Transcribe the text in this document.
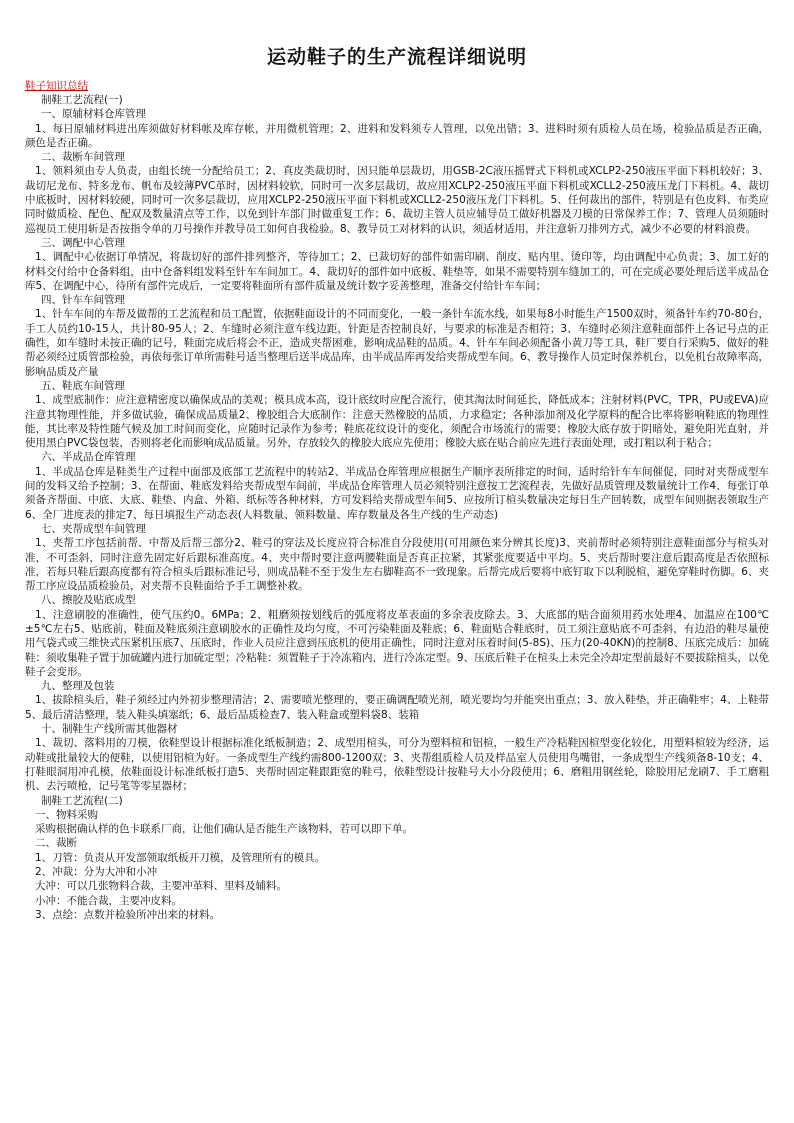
运动鞋子的生产流程详细说明
鞋子知识总结
制鞋工艺流程(一)
一、原辅材料仓库管理
1、每日原辅材料进出库须做好材料帐及库存帐，并用微机管理；2、进料和发料须专人管理，以免出错；3、进料时须有质检人员在场，检验品质是否正确，颜色是否正确。
二、裁断车间管理
1、领料须由专人负责，由组长统一分配给员工；2、真皮类裁切时，因只能单层裁切，用GSB-2C液压摇臂式下料机或XCLP2-250液压平面下料机较好；3、裁切尼龙布、特多龙布、帆布及较薄PVC革时，因材料较软，同时可一次多层裁切，故应用XCLP2-250液压平面下料机或XCLL2-250液压龙门下料机。4、裁切中底板时，因材料较硬，同时可一次多层裁切，应用XCLP2-250液压平面下料机或XCLL2-250液压龙门下料机。5、任何裁出的部件，特别是有色皮料、布类应同时做质检、配色、配双及数量清点等工作，以免到针车部门时做重复工作；6、裁切主管人员应辅导员工做好机器及刀模的日常保养工作；7、管理人员须随时巡视员工使用斩是否按指令单的刀号操作并教导员工如何自我检验。8、教导员工对材料的认识，须适材适用，并注意斩刀排列方式，减少不必要的材料浪费。
三、调配中心管理
1、调配中心依据订单情况，将裁切好的部件排列整齐，等待加工；2、已裁切好的部件如需印刷、削皮、贴内里、烫印等，均由调配中心负责；3、加工好的材料交付给中仓备料组，由中仓备料组发料至针车车间加工。4、裁切好的部件如中底板、鞋垫等，如果不需要特别车缝加工的，可在完成必要处理后送半成品仓库5、在调配中心，待所有部件完成后，一定要将鞋面所有部件质量及统计数字妥善整理，准备交付给针车车间；
四、针车车间管理
1、针车车间的车帮及做帮的工艺流程和员工配置，依据鞋面设计的不同而变化，一般一条针车流水线，如果每8小时能生产1500双时，须备针车约70-80台，手工人员约10-15人，共计80-95人；2、车缝时必须注意车线边距，针距是否控制良好，与要求的标准是否相符；3、车缝时必须注意鞋面部件上各记号点的正确性，如车缝时未按正确的记号，鞋面完成后将会不正，造成夹帮困难，影响成品鞋的品质。4、针车车间必须配备小黄刀等工具，鞋厂要自行采购5、做好的鞋帮必须经过质管部检验，再依每张订单所需鞋号适当整理后送半成品库，由半成品库再发给夹帮成型车间。6、教导操作人员定时保养机台，以免机台故障率高，影响品质及产量
五、鞋底车间管理
1、成型底制作：应注意精密度以确保成品的美观；模具成本高，设计底纹时应配合流行，使其淘汰时间延长，降低成本；注射材料(PVC，TPR，PU或EVA)应注意其物理性能，并多做试验，确保成品质量2、橡胶组合大底制作：注意天然橡胶的品质，力求稳定；各种添加剂及化学原料的配合比率将影响鞋底的物理性能，其比率及特性随气候及加工时间而变化，应随时记录作为参考；鞋底花纹设计的变化，须配合市场流行的需要；橡胶大底存放于阴暗处，避免阳光直射，并使用黑白PVC袋包装，否则将老化而影响成品质量。另外，存放较久的橡胶大底应先使用；橡胶大底在贴合前应先进行表面处理，或打粗以利于粘合；
六、半成品仓库管理
1、半成品仓库是鞋类生产过程中面部及底部工艺流程中的转站2、半成品仓库管理应根据生产顺序表所排定的时间，适时给针车车间催促，同时对夹帮成型车间的发料又给予控制；3、在帮面、鞋底发料给夹帮成型车间前，半成品仓库管理人员必须特别注意按工艺流程表，先做好品质管理及数量统计工作4、每张订单须备齐帮面、中底、大底、鞋垫、内盒、外箱、纸标等各种材料，方可发料给夹帮成型车间5、应按所订楦头数量决定每日生产回转数，成型车间则据表领取生产6、全厂进度表的排定7、每日填报生产动态表(人料数量、领料数量、库存数量及各生产线的生产动态)
七、夹帮成型车间管理
1、夹帮工序包括前帮、中帮及后帮三部分2、鞋弓的穿法及长度应符合标准自分段使用(可用颜色来分辨其长度)3、夹前帮时必须特别注意鞋面部分与楦头对准，不可歪斜，同时注意先固定好后跟标准高度。4、夹中帮时要注意两腰鞋面是否真正拉紧，其紧张度要适中平均。5、夹后帮时要注意后跟高度是否依照标准，若每只鞋后跟高度都有符合楦头后跟标准记号，则成品鞋不至于发生左右脚鞋高不一致现象。后帮完成后要将中底钉取下以利脱楦，避免穿鞋时伤脚。6、夹帮工序应设品质检验员，对夹帮不良鞋面给予手工调整补救。
八、擦胶及贴底成型
1、注意刷胶的准确性，使气压约0。6MPa；2、粗磨须按划线后的弧度将皮革表面的多余表皮除去。3、大底部的贴合面须用药水处理4、加温应在100℃±5℃左右5、贴底前，鞋面及鞋底须注意刷胶水的正确性及均匀度，不可污染鞋面及鞋底；6、鞋面贴合鞋底时，员工须注意贴底不可歪斜，有边沿的鞋尽量使用气袋式或三维快式压紧机压底7、压底时，作业人员应注意到压底机的使用正确性，同时注意对压着时间(5-8S)、压力(20-40KN)的控制8、压底完成后：加硫鞋：须收集鞋子置于加硫罐内进行加硫定型；冷粘鞋：须置鞋子于冷冻箱内，进行冷冻定型。9、压底后鞋子在楦头上未完全冷却定型前最好不要拔除楦头，以免鞋子会变形。
九、整理及包装
1、拔除楦头后，鞋子须经过内外初步整理清洁；2、需要喷光整理的，要正确调配喷光剂，喷光要均匀并能突出重点；3、放入鞋垫，并正确鞋牢；4、上鞋带5、最后清洁整理，装入鞋头填塞纸；6、最后品质检查7、装入鞋盒或塑料袋8、装箱
十、制鞋生产线所需其他器材
1、裁切、落料用的刀模，依鞋型设计根据标准化纸板制造；2、成型用楦头，可分为塑料楦和铝楦，一般生产冷粘鞋因楦型变化较化，用塑料楦较为经济，运动鞋或批量较大的便鞋，以使用铝楦为好。一条成型生产线约需800-1200双；3、夹帮组质检人员及样品室人员使用鸟嘴钳，一条成型生产线须备8-10支；4、打鞋眼洞用冲孔模，依鞋面设计标准纸板打造5、夹帮时固定鞋跟距宽的鞋弓，依鞋型设计按鞋号大小分段使用；6、磨粗用钢丝轮，除胶用尼龙刷7、手工磨粗机、去污喷枪，记号笔等零星器材；
制鞋工艺流程(二)
一、物料采购
采购根据确认样的色卡联系厂商，让他们确认是否能生产该物料，若可以即下单。
二、裁断
1、刀管：负责从开发部领取纸板开刀模，及管理所有的模具。
2、冲裁：分为大冲和小冲
大冲：可以几张物料合裁，主要冲革料、里料及辅料。
小冲：不能合裁，主要冲皮料。
3、点绘：点数并检验所冲出来的材料。
